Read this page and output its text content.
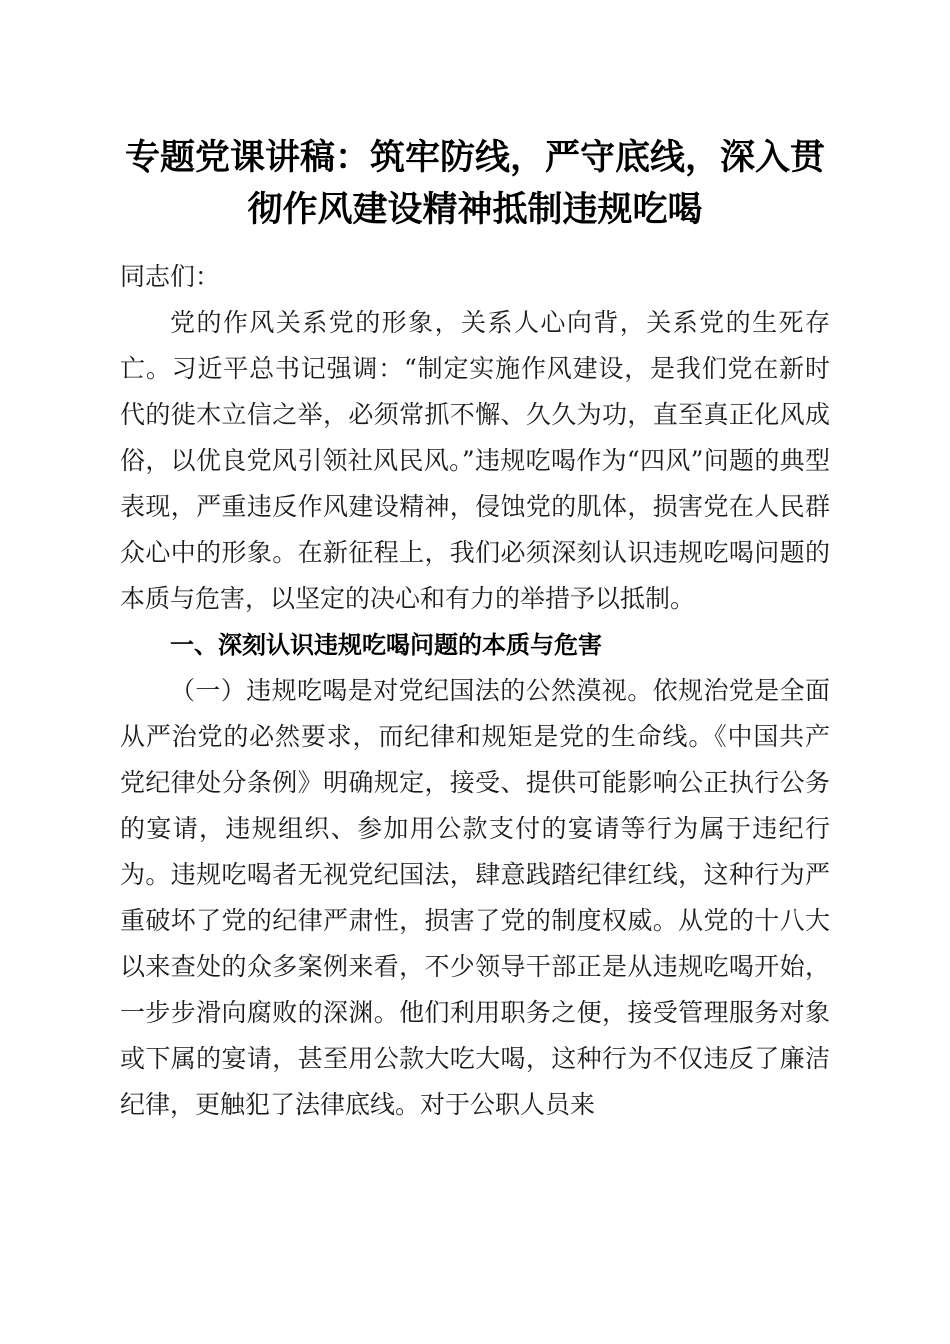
专题党课讲稿：筑牢防线，严守底线，深入贯
彻作风建设精神抵制违规吃喝

同志们：

党的作风关系党的形象，关系人心向背，关系党的生死存亡。习近平总书记强调：“制定实施作风建设，是我们党在新时代的徙木立信之举，必须常抓不懈、久久为功，直至真正化风成俗，以优良党风引领社风民风。”违规吃喝作为“四风”问题的典型表现，严重违反作风建设精神，侵蚀党的肌体，损害党在人民群众心中的形象。在新征程上，我们必须深刻认识违规吃喝问题的本质与危害，以坚定的决心和有力的举措予以抵制。

一、深刻认识违规吃喝问题的本质与危害

（一）违规吃喝是对党纪国法的公然漠视。依规治党是全面从严治党的必然要求，而纪律和规矩是党的生命线。《中国共产党纪律处分条例》明确规定，接受、提供可能影响公正执行公务的宴请，违规组织、参加用公款支付的宴请等行为属于违纪行为。违规吃喝者无视党纪国法，肆意践踏纪律红线，这种行为严重破坏了党的纪律严肃性，损害了党的制度权威。从党的十八大以来查处的众多案例来看，不少领导干部正是从违规吃喝开始，一步步滑向腐败的深渊。他们利用职务之便，接受管理服务对象或下属的宴请，甚至用公款大吃大喝，这种行为不仅违反了廉洁纪律，更触犯了法律底线。对于公职人员来
